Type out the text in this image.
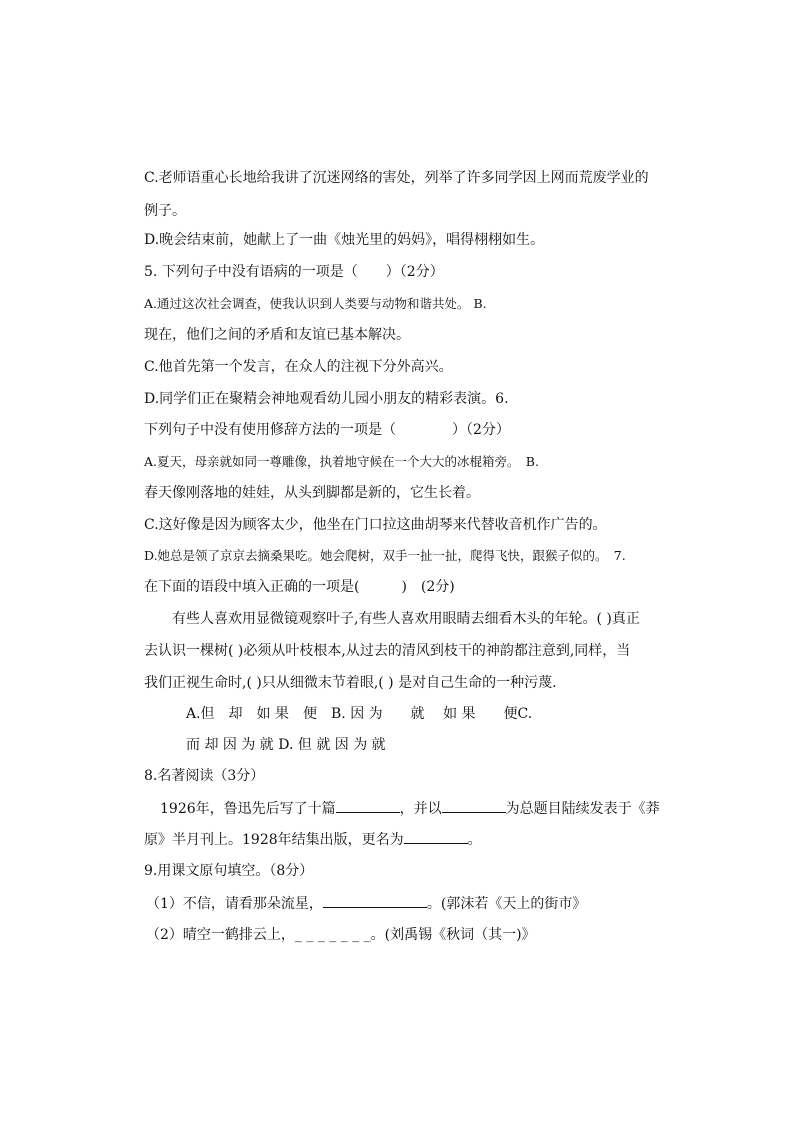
C.老师语重心长地给我讲了沉迷网络的害处，列举了许多同学因上网而荒废学业的
例子。
D.晚会结束前，她献上了一曲《烛光里的妈妈》，唱得栩栩如生。
5. 下列句子中没有语病的一项是（　　）（2分）
A.通过这次社会调查，使我认识到人类要与动物和谐共处。 B.
现在，他们之间的矛盾和友谊已基本解决。
C.他首先第一个发言，在众人的注视下分外高兴。
D.同学们正在聚精会神地观看幼儿园小朋友的精彩表演。6.
下列句子中没有使用修辞方法的一项是（　　　　）（2分）
A.夏天，母亲就如同一尊雕像，执着地守候在一个大大的冰棍箱旁。　B.
春天像刚落地的娃娃，从头到脚都是新的，它生长着。
C.这好像是因为顾客太少，他坐在门口拉这曲胡琴来代替收音机作广告的。
D.她总是领了京京去摘桑果吃。她会爬树，双手一扯一扯，爬得飞快，跟猴子似的。　7.
在下面的语段中填入正确的一项是(　　　)　(2分)
有些人喜欢用显微镜观察叶子,有些人喜欢用眼睛去细看木头的年轮。( )真正
去认识一棵树( )必须从叶枝根本,从过去的清风到枝干的神韵都注意到,同样，当
我们正视生命时,( )只从细微末节着眼,( ) 是对自己生命的一种污蔑.
A.但　却　如 果　便　B. 因 为　　就　 如 果　　便C.
而 却 因 为 就 D. 但 就 因 为 就
8.名著阅读（3分）
1926年，鲁迅先后写了十篇	，并以	为总题目陆续发表于《莽
原》半月刊上。1928年结集出版，更名为	。
9.用课文原句填空。（8分）
（1）不信，请看那朵流星，	。(郭沫若《天上的街市》
（2）晴空一鹤排云上，_ _ _ _ _ _ _。(刘禹锡《秋词（其一)》
